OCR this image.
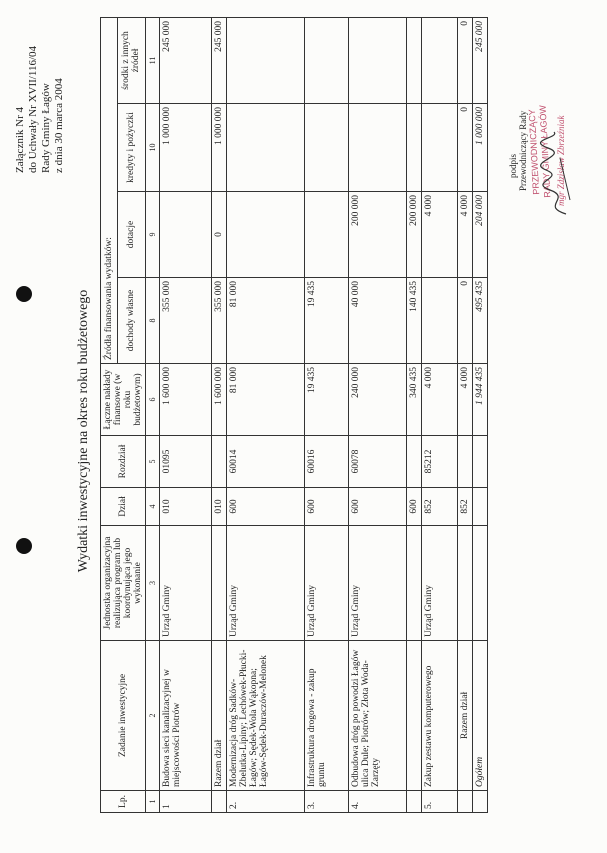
Załącznik Nr 4 do Uchwały Nr XVII/116/04 Rady Gminy Łagów z dnia 30 marca 2004
Wydatki inwestycyjne na okres roku budżetowego
Lp.	Zadanie inwestycyjne	Jednostka organizacyjna realizująca program lub koordynująca jego wykonanie	Dział	Rozdział	Łączne nakłady finansowe (w roku budżetowym)	Źródła finansowania wydatków:			
						dochody własne	dotacje	kredyty i pożyczki	środki z innych źródeł
1	2	3	4	5	6	8	9	10	11
1	Budowa sieci kanalizacyjnej w miejscowości Piotrów	Urząd Gminy	010	01095	1 600 000	355 000		1 000 000	245 000
	Razem dział		010		1 600 000	355 000	0	1 000 000	245 000
2.	Modernizacja dróg Sadków-Zbelutka-Lipiny; Lechówek-Płucki-Łagów; Sędek-Wola Wąkopna; Łagów-Sędek-Duraczów-Melonek	Urząd Gminy	600	60014	81 000	81 000			
3.	Infrastruktura drogowa - zakup gruntu	Urząd Gminy	600	60016	19 435	19 435			
4.	Odbudowa dróg po powodzi Łagów ulica Dule; Piotrów; Złota Woda-Zarzęty	Urząd Gminy	600	60078	240 000	40 000	200 000		
			600		340 435	140 435	200 000		
5.	Zakup zestawu komputerowego	Urząd Gminy	852	85212	4 000		4 000		
	Razem dział		852		4 000	0	4 000	0	0
	Ogółem				1 944 435	495 435	204 000	1 000 000	245 000
podpis Przewodniczący Rady
PRZEWODNICZĄCY
RADY GMINY ŁAGÓW mgr Zdzisław Zbrzeźniak
